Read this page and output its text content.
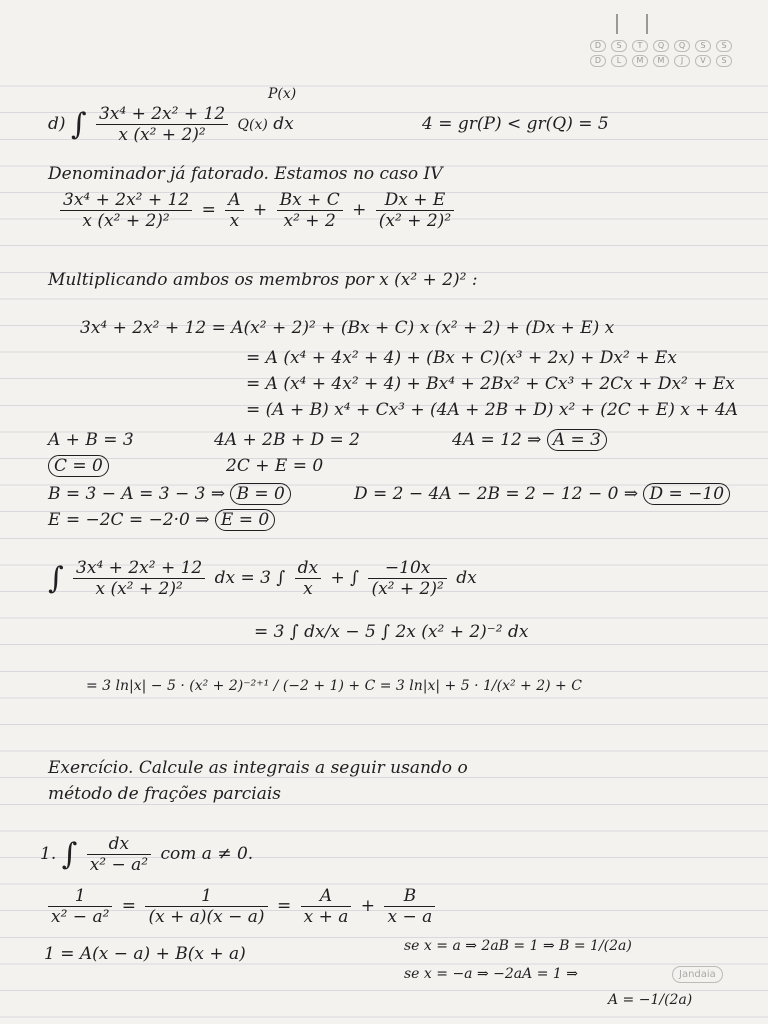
D	S	T	Q	Q	S	S
D	L	M	M	J	V	S
P(x)
d) ∫ $\frac{\text{3x⁴ + 2x² + 12}}{\text{x (x² + 2)²}} Q(x)$ dx	4 = gr(P) < gr(Q) = 5
Denominador já fatorado. Estamos no caso IV
$\frac{\text{3x⁴ + 2x² + 12}}{\text{x (x² + 2)²}} = \frac{A}{x} + \frac{Bx + C}{\text{x² + 2}} + \frac{Dx + E}{\text{(x² + 2)²}}$
Multiplicando ambos os membros por x (x² + 2)² :
3x⁴ + 2x² + 12 = A(x² + 2)² + (Bx + C) x (x² + 2) + (Dx + E) x
= A (x⁴ + 4x² + 4) + (Bx + C)(x³ + 2x) + Dx² + Ex
= A (x⁴ + 4x² + 4) + Bx⁴ + 2Bx² + Cx³ + 2Cx + Dx² + Ex
= (A + B) x⁴ + Cx³ + (4A + 2B + D) x² + (2C + E) x + 4A
A + B = 3	4A + 2B + D = 2	4A = 12 ⇒ A = 3
C = 0	2C + E = 0
B = 3 − A = 3 − 3 ⇒ B = 0	D = 2 − 4A − 2B = 2 − 12 − 0 ⇒ D = −10
E = −2C = −2·0 ⇒ E = 0
∫ $\frac{\text{3x⁴ + 2x² + 12}}{\text{x (x² + 2)²}}$ dx = 3 ∫ $\frac{dx}{x}$ + ∫ $\frac{-10x}{\text{(x² + 2)²}}$ dx
= 3 ∫ dx/x − 5 ∫ 2x (x² + 2)⁻² dx
= 3 ln|x| − 5 · (x² + 2)⁻²⁺¹ / (−2 + 1) + C = 3 ln|x| + 5 · 1/(x² + 2) + C
Exercício. Calcule as integrais a seguir usando o
método de frações parciais
1. ∫ $\frac{dx}{\text{x² − a²}}$ com a ≠ 0.
$\frac{1}{\text{x² − a²}} = \frac{1}{(x + a)(x - a)} = \frac{A}{x + a} + \frac{B}{x - a}$
1 = A(x − a) + B(x + a)	se x = a ⇒ 2aB = 1 ⇒ B = 1/(2a)
se x = −a ⇒ −2aA = 1 ⇒
A = −1/(2a)
Jandaia
